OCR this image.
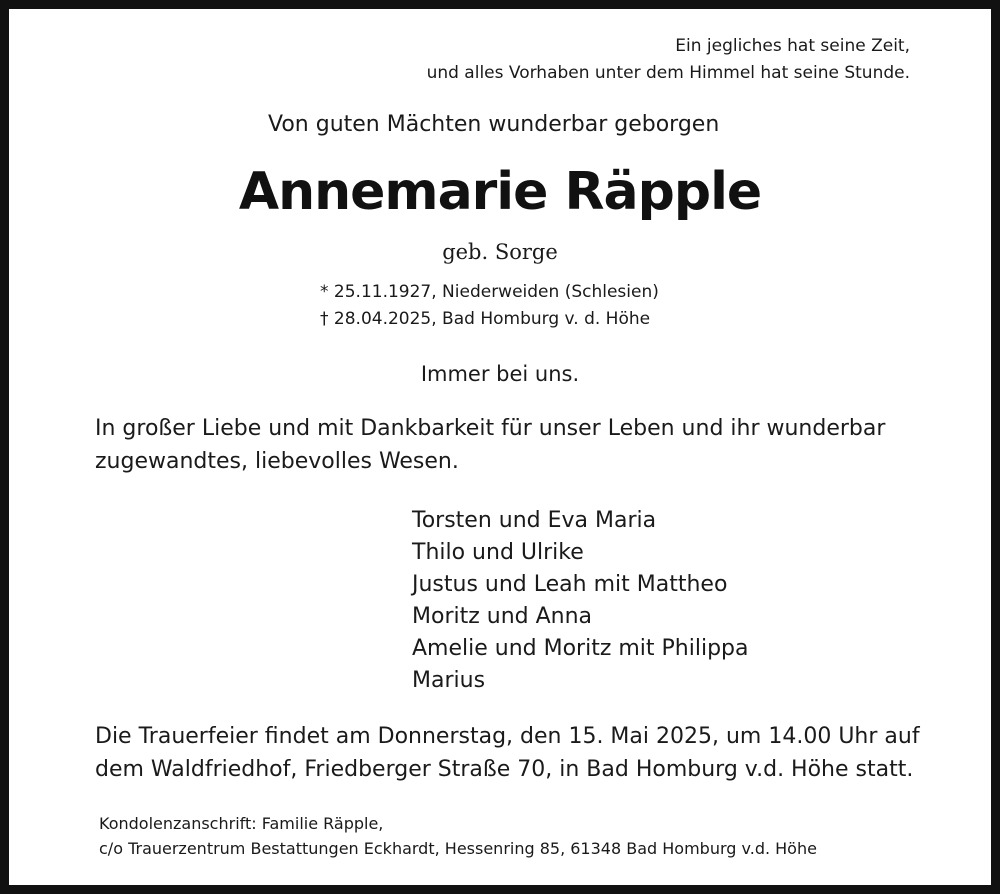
Ein jegliches hat seine Zeit,

und alles Vorhaben unter dem Himmel hat seine Stunde.

Von guten Mächten wunderbar geborgen

Annemarie Räpple

geb. Sorge

* 25.11.1927, Niederweiden (Schlesien)

† 28.04.2025, Bad Homburg v. d. Höhe

Immer bei uns.

In großer Liebe und mit Dankbarkeit für unser Leben und ihr wunderbar

zugewandtes, liebevolles Wesen.

Torsten und Eva Maria

Thilo und Ulrike

Justus und Leah mit Mattheo

Moritz und Anna

Amelie und Moritz mit Philippa

Marius

Die Trauerfeier findet am Donnerstag, den 15. Mai 2025, um 14.00 Uhr auf

dem Waldfriedhof, Friedberger Straße 70, in Bad Homburg v.d. Höhe statt.

Kondolenzanschrift: Familie Räpple,

c/o Trauerzentrum Bestattungen Eckhardt, Hessenring 85, 61348 Bad Homburg v.d. Höhe
